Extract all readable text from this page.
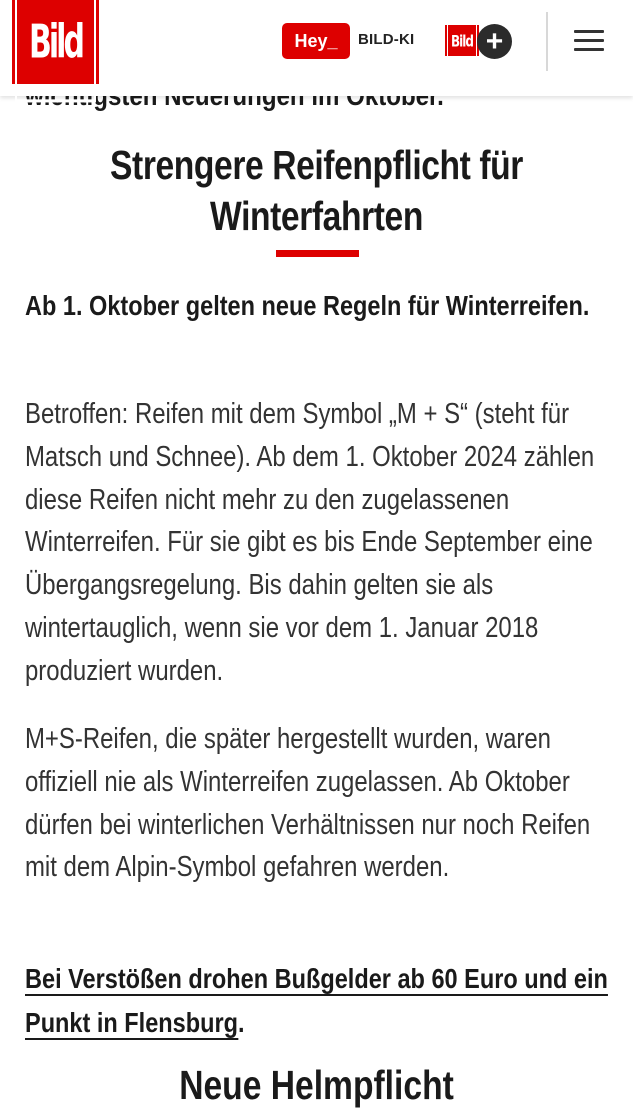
Bild	Hey_	BILD-KI	Bild +
Strengere Reifenpflicht für
Winterfahrten
Ab 1. Oktober gelten neue Regeln für Winterreifen.
Betroffen: Reifen mit dem Symbol „M + S“ (steht für Matsch und Schnee). Ab dem 1. Oktober 2024 zählen diese Reifen nicht mehr zu den zugelassenen Winterreifen. Für sie gibt es bis Ende September eine Übergangsregelung. Bis dahin gelten sie als wintertauglich, wenn sie vor dem 1. Januar 2018 produziert wurden.
M+S-Reifen, die später hergestellt wurden, waren offiziell nie als Winterreifen zugelassen. Ab Oktober dürfen bei winterlichen Verhältnissen nur noch Reifen mit dem Alpin-Symbol gefahren werden.
Bei Verstößen drohen Bußgelder ab 60 Euro und ein Punkt in Flensburg.
Neue Helmpflicht
